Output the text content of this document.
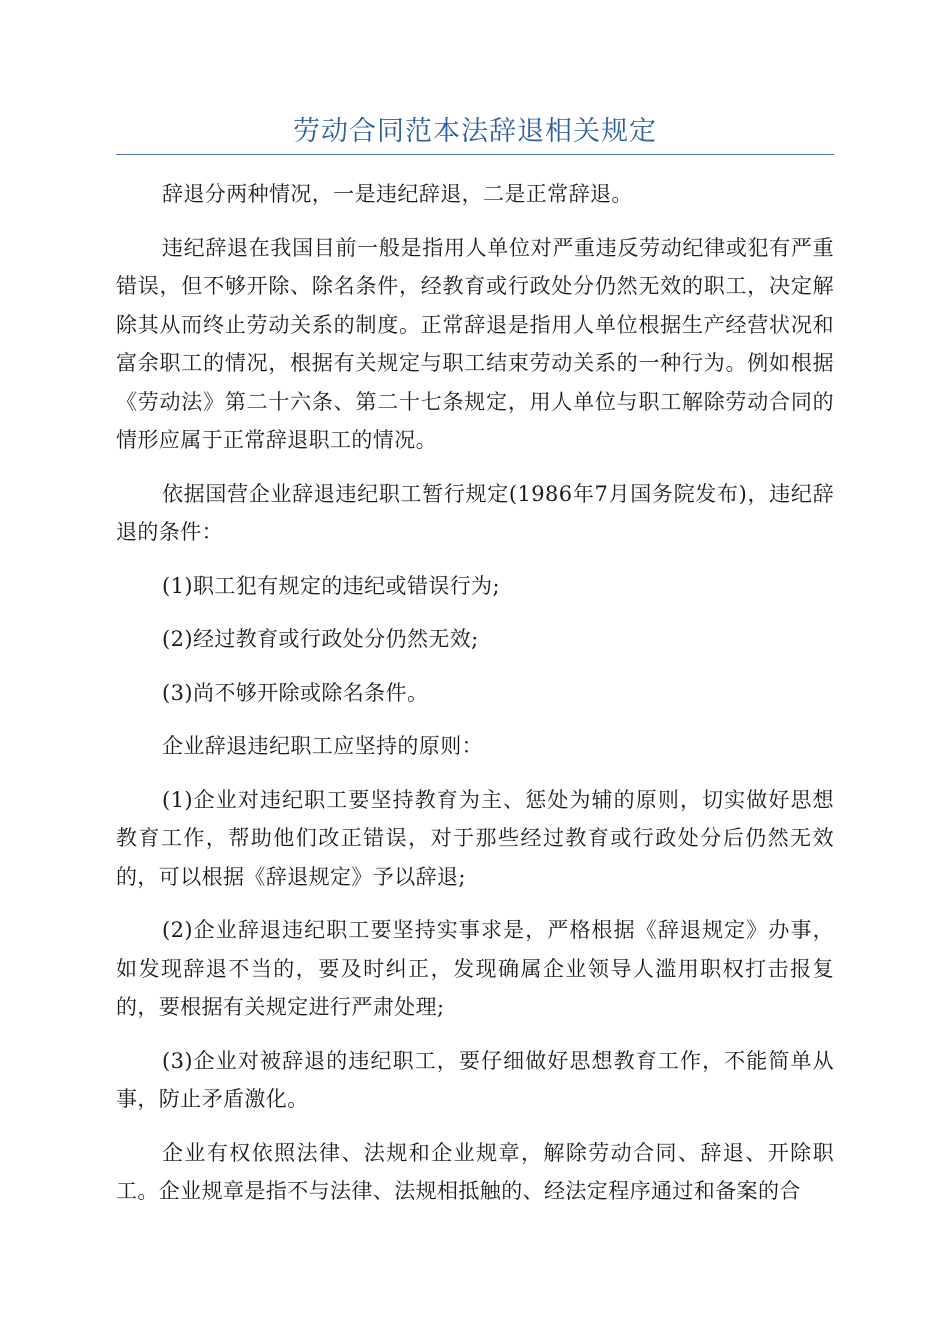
劳动合同范本法辞退相关规定

辞退分两种情况，一是违纪辞退，二是正常辞退。

违纪辞退在我国目前一般是指用人单位对严重违反劳动纪律或犯有严重错误，但不够开除、除名条件，经教育或行政处分仍然无效的职工，决定解除其从而终止劳动关系的制度。正常辞退是指用人单位根据生产经营状况和富余职工的情况，根据有关规定与职工结束劳动关系的一种行为。例如根据《劳动法》第二十六条、第二十七条规定，用人单位与职工解除劳动合同的情形应属于正常辞退职工的情况。

依据国营企业辞退违纪职工暂行规定(1986年7月国务院发布)，违纪辞退的条件：

(1)职工犯有规定的违纪或错误行为;

(2)经过教育或行政处分仍然无效;

(3)尚不够开除或除名条件。

企业辞退违纪职工应坚持的原则：

(1)企业对违纪职工要坚持教育为主、惩处为辅的原则，切实做好思想教育工作，帮助他们改正错误，对于那些经过教育或行政处分后仍然无效的，可以根据《辞退规定》予以辞退;

(2)企业辞退违纪职工要坚持实事求是，严格根据《辞退规定》办事，如发现辞退不当的，要及时纠正，发现确属企业领导人滥用职权打击报复的，要根据有关规定进行严肃处理;

(3)企业对被辞退的违纪职工，要仔细做好思想教育工作，不能简单从事，防止矛盾激化。

企业有权依照法律、法规和企业规章，解除劳动合同、辞退、开除职工。企业规章是指不与法律、法规相抵触的、经法定程序通过和备案的合
